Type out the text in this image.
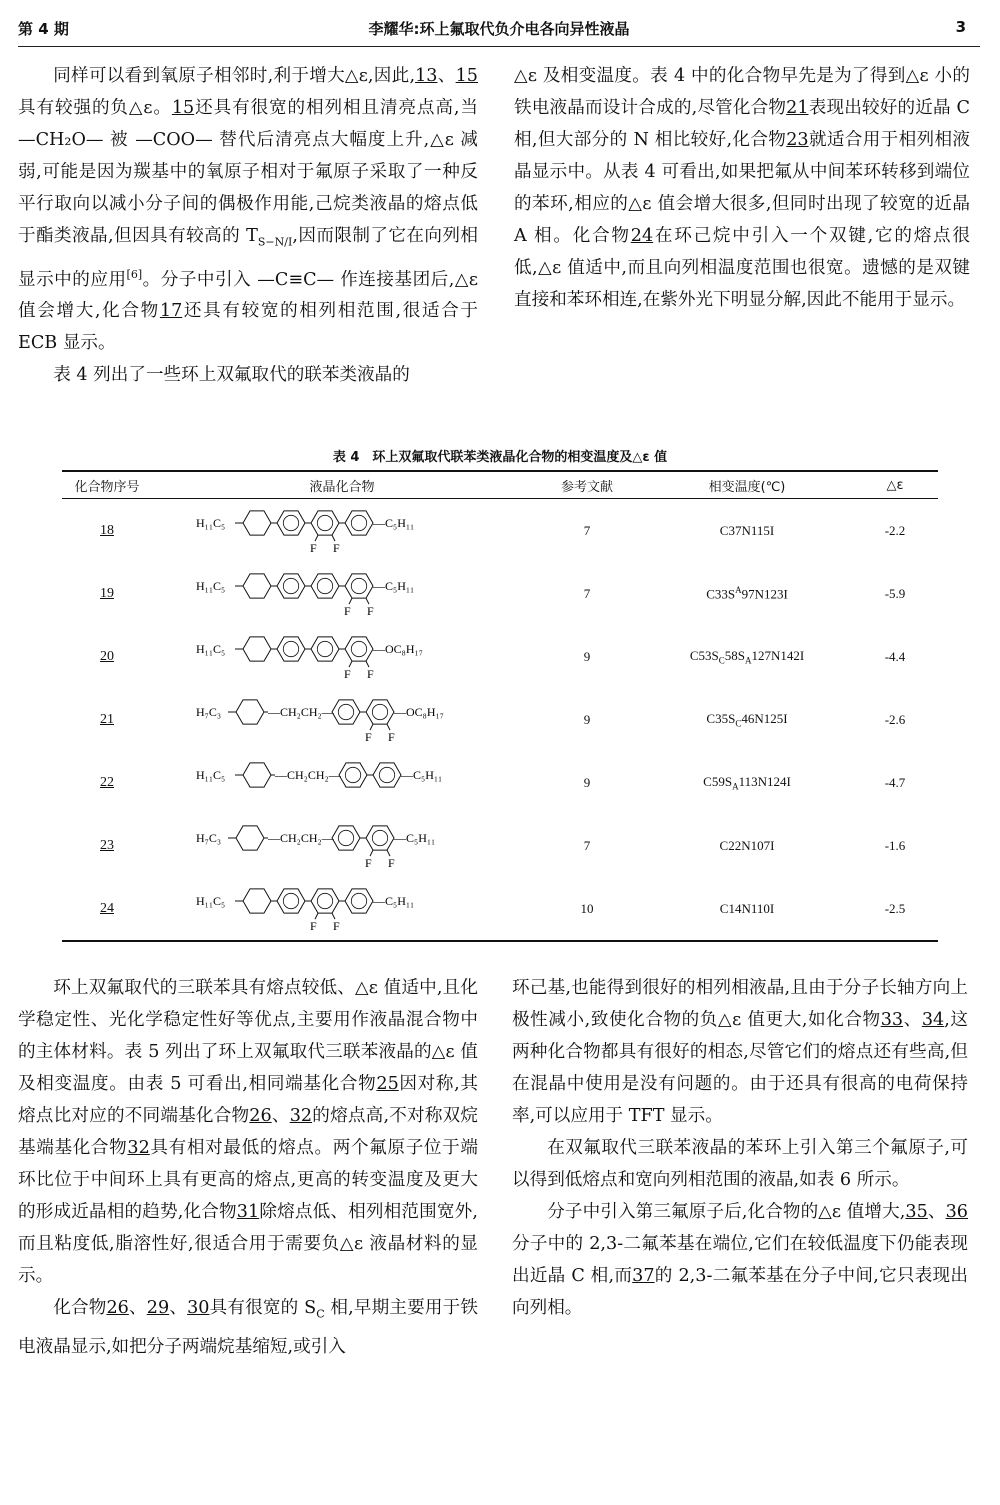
第 4 期	李耀华:环上氟取代负介电各向异性液晶	3

同样可以看到氧原子相邻时,利于增大△ε,因此,13、15具有较强的负△ε。15还具有很宽的相列相且清亮点高,当 —CH₂O— 被 —COO— 替代后清亮点大幅度上升,△ε 减弱,可能是因为羰基中的氧原子相对于氟原子采取了一种反平行取向以减小分子间的偶极作用能,己烷类液晶的熔点低于酯类液晶,但因具有较高的 $T_{S-N/I}$,因而限制了它在向列相显示中的应用[6]。分子中引入 —C≡C— 作连接基团后,△ε 值会增大,化合物17还具有较宽的相列相范围,很适合于 ECB 显示。

表 4 列出了一些环上双氟取代的联苯类液晶的

△ε 及相变温度。表 4 中的化合物早先是为了得到△ε 小的铁电液晶而设计合成的,尽管化合物21表现出较好的近晶 C 相,但大部分的 N 相比较好,化合物23就适合用于相列相液晶显示中。从表 4 可看出,如果把氟从中间苯环转移到端位的苯环,相应的△ε 值会增大很多,但同时出现了较宽的近晶 A 相。化合物24在环己烷中引入一个双键,它的熔点很低,△ε 值适中,而且向列相温度范围也很宽。遗憾的是双键直接和苯环相连,在紫外光下明显分解,因此不能用于显示。

表 4　环上双氟取代联苯类液晶化合物的相变温度及△ε 值
化合物序号	液晶化合物	参考文献	相变温度(℃)	△ε
18	H₁₁C₅
F F
—C₅H₁₁	7	C37N115I	-2.2
19	H₁₁C₅
F F
—C₅H₁₁	7	$C33S^A97N123I$	-5.9
20	H₁₁C₅
F F
—OC₈H₁₇	9	$C53S_C58S_A127N142I$	-4.4
21	H₇C₃ —CH₂CH₂—
F F
—OC₈H₁₇	9	$C35S_C46N125I$	-2.6
22	H₁₁C₅ —CH₂CH₂— —C₅H₁₁	9	$C59S_A113N124I$	-4.7
23	H₇C₃ —CH₂CH₂—
F F
—C₅H₁₁	7	C22N107I	-1.6
24	H₁₁C₅
F F
—C₅H₁₁	10	C14N110I	-2.5

环上双氟取代的三联苯具有熔点较低、△ε 值适中,且化学稳定性、光化学稳定性好等优点,主要用作液晶混合物中的主体材料。表 5 列出了环上双氟取代三联苯液晶的△ε 值及相变温度。由表 5 可看出,相同端基化合物25因对称,其熔点比对应的不同端基化合物26、32的熔点高,不对称双烷基端基化合物32具有相对最低的熔点。两个氟原子位于端环比位于中间环上具有更高的熔点,更高的转变温度及更大的形成近晶相的趋势,化合物31除熔点低、相列相范围宽外,而且粘度低,脂溶性好,很适合用于需要负△ε 液晶材料的显示。

化合物26、29、30具有很宽的 $S_C$ 相,早期主要用于铁电液晶显示,如把分子两端烷基缩短,或引入

环己基,也能得到很好的相列相液晶,且由于分子长轴方向上极性减小,致使化合物的负△ε 值更大,如化合物33、34,这两种化合物都具有很好的相态,尽管它们的熔点还有些高,但在混晶中使用是没有问题的。由于还具有很高的电荷保持率,可以应用于 TFT 显示。

在双氟取代三联苯液晶的苯环上引入第三个氟原子,可以得到低熔点和宽向列相范围的液晶,如表 6 所示。

分子中引入第三氟原子后,化合物的△ε 值增大,35、36分子中的 2,3-二氟苯基在端位,它们在较低温度下仍能表现出近晶 C 相,而37的 2,3-二氟苯基在分子中间,它只表现出向列相。
